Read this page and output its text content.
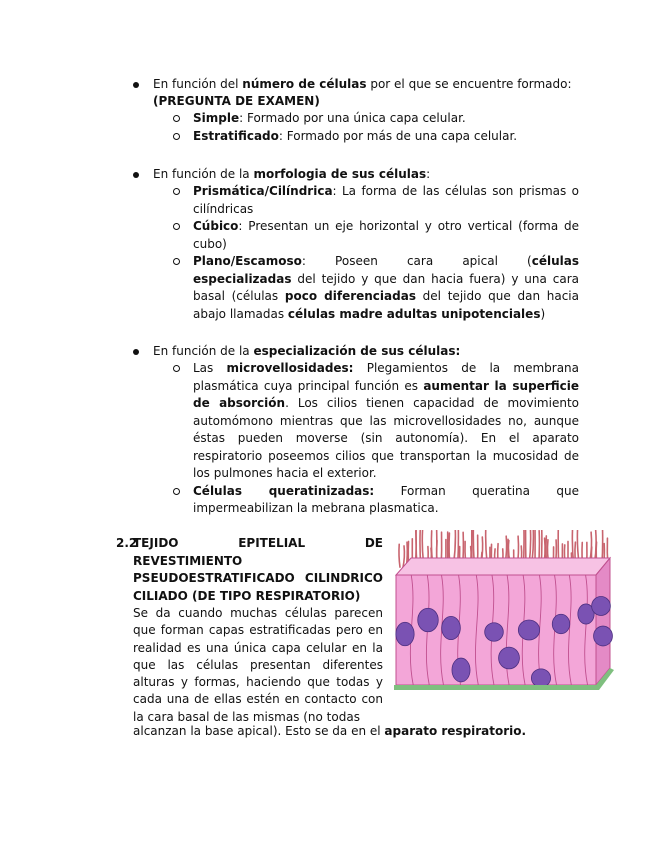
En función del número de células por el que se encuentre formado:
(PREGUNTA DE EXAMEN)
Simple: Formado por una única capa celular.
Estratificado: Formado por más de una capa celular.
En función de la morfologia de sus células:
Prismática/Cilíndrica: La forma de las células son prismas o cilíndricas
Cúbico: Presentan un eje horizontal y otro vertical (forma de cubo)
Plano/Escamoso: Poseen cara apical (células especializadas del tejido y que dan hacia fuera) y una cara basal (células poco diferenciadas del tejido que dan hacia abajo llamadas células madre adultas unipotenciales)
En función de la especialización de sus células:
Las microvellosidades: Plegamientos de la membrana plasmática cuya principal función es aumentar la superficie de absorción. Los cilios tienen capacidad de movimiento automómono mientras que las microvellosidades no, aunque éstas pueden moverse (sin autonomía). En el aparato respiratorio poseemos cilios que transportan la mucosidad de los pulmones hacia el exterior.
Células queratinizadas: Forman queratina que impermeabilizan la mebrana plasmatica.
2.2
TEJIDO EPITELIAL DE REVESTIMIENTO PSEUDOESTRATIFICADO CILINDRICO CILIADO (DE TIPO RESPIRATORIO)
Se da cuando muchas células parecen que forman capas estratificadas pero en realidad es una única capa celular en la que las células presentan diferentes alturas y formas, haciendo que todas y cada una de ellas estén en contacto con la cara basal de las mismas (no todas
alcanzan la base apical). Esto se da en el aparato respiratorio.
